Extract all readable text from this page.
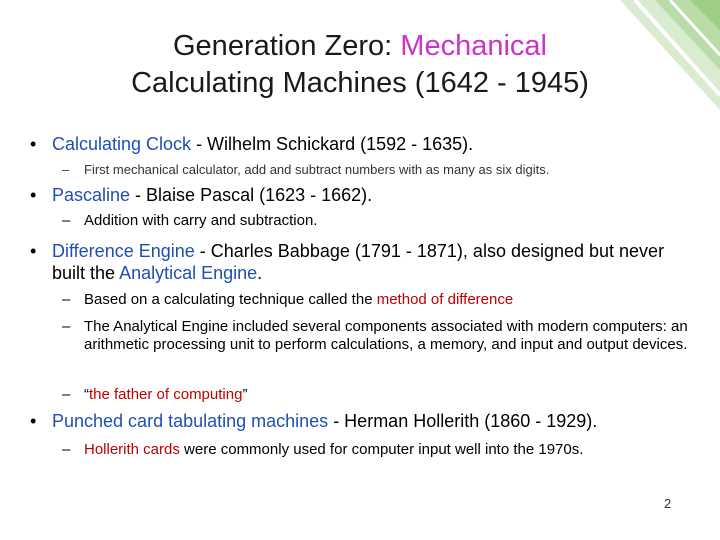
Generation Zero: Mechanical
Calculating Machines (1642 - 1945)
• Calculating Clock - Wilhelm Schickard (1592 - 1635).
– First mechanical calculator, add and subtract numbers with as many as six digits.
• Pascaline - Blaise Pascal (1623 - 1662).
– Addition with carry and subtraction.
• Difference Engine - Charles Babbage (1791 - 1871), also designed but never built the Analytical Engine.
– Based on a calculating technique called the method of difference
– The Analytical Engine included several components associated with modern computers: an arithmetic processing unit to perform calculations, a memory, and input and output devices.
– “the father of computing”
• Punched card tabulating machines - Herman Hollerith (1860 - 1929).
– Hollerith cards were commonly used for computer input well into the 1970s.
2
